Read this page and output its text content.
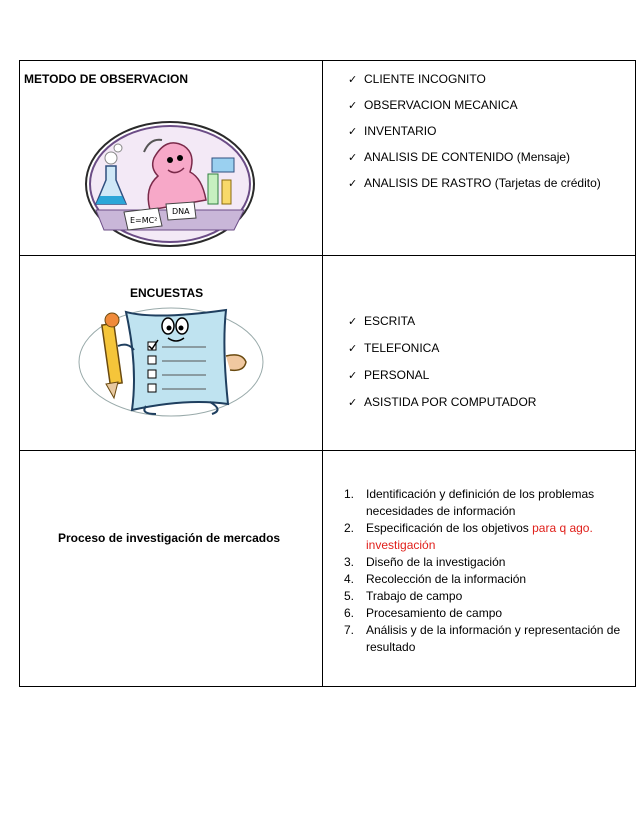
METODO DE OBSERVACION
E=MC²
DNA
✓ CLIENTE INCOGNITO
✓ OBSERVACION MECANICA
✓ INVENTARIO
✓ ANALISIS DE CONTENIDO (Mensaje)
✓ ANALISIS DE RASTRO (Tarjetas de crédito)
ENCUESTAS
✓ ESCRITA
✓ TELEFONICA
✓ PERSONAL
✓ ASISTIDA POR COMPUTADOR
Proceso de investigación de mercados
1. Identificación y definición de los problemas
necesidades de información
2. Especificación de los objetivos para q ago.
investigación
3. Diseño de la investigación
4. Recolección de la información
5. Trabajo de campo
6. Procesamiento de campo
7. Análisis y de la información y representación de
resultado
